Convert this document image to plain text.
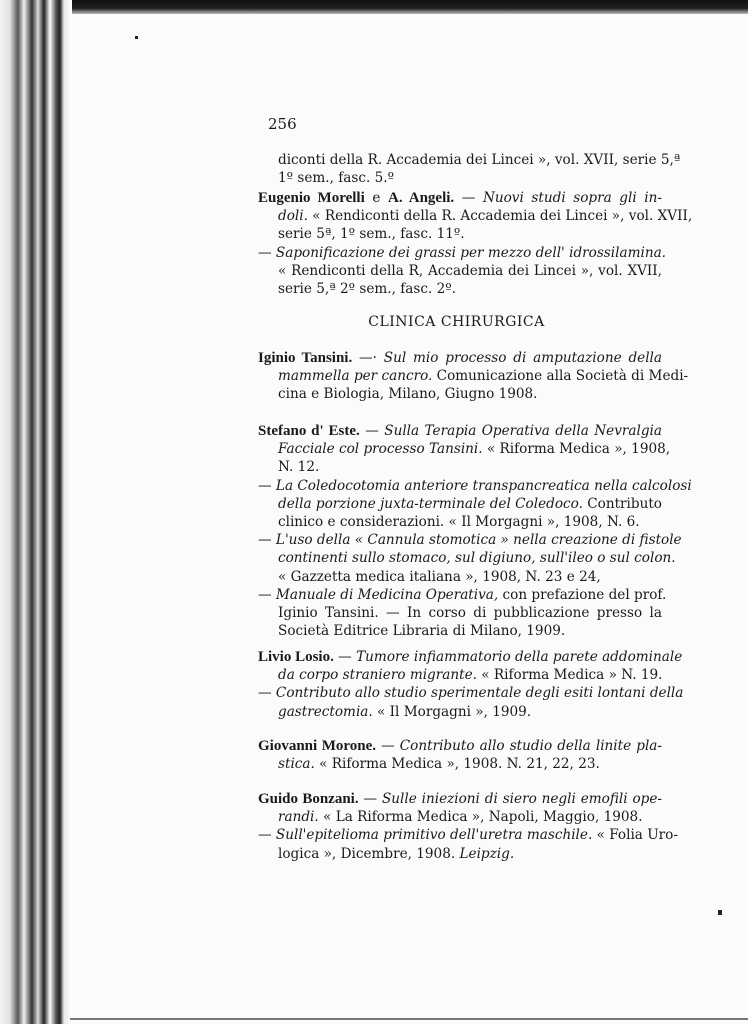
256
CLINICA CHIRURGICA
diconti della R. Accademia dei Lincei », vol. XVII, serie 5,ª
1º sem., fasc. 5.º
Eugenio Morelli e A. Angeli. — Nuovi studi sopra gli in-
doli. « Rendiconti della R. Accademia dei Lincei », vol. XVII,
serie 5ª, 1º sem., fasc. 11º.
— Saponificazione dei grassi per mezzo dell' idrossilamina.
« Rendiconti della R, Accademia dei Lincei », vol. XVII,
serie 5,ª 2º sem., fasc. 2º.
Iginio Tansini. —· Sul mio processo di amputazione della
mammella per cancro. Comunicazione alla Società di Medi-
cina e Biologia, Milano, Giugno 1908.
Stefano d' Este. — Sulla Terapia Operativa della Nevralgia
Facciale col processo Tansini. « Riforma Medica », 1908,
N. 12.
— La Coledocotomia anteriore transpancreatica nella calcolosi
della porzione juxta-terminale del Coledoco. Contributo
clinico e considerazioni. « Il Morgagni », 1908, N. 6.
— L'uso della « Cannula stomotica » nella creazione di fistole
continenti sullo stomaco, sul digiuno, sull'ileo o sul colon.
« Gazzetta medica italiana », 1908, N. 23 e 24,
— Manuale di Medicina Operativa, con prefazione del prof.
Iginio Tansini. — In corso di pubblicazione presso la
Società Editrice Libraria di Milano, 1909.
Livio Losio. — Tumore infiammatorio della parete addominale
da corpo straniero migrante. « Riforma Medica » N. 19.
— Contributo allo studio sperimentale degli esiti lontani della
gastrectomia. « Il Morgagni », 1909.
Giovanni Morone. — Contributo allo studio della linite pla-
stica. « Riforma Medica », 1908. N. 21, 22, 23.
Guido Bonzani. — Sulle iniezioni di siero negli emofili ope-
randi. « La Riforma Medica », Napoli, Maggio, 1908.
— Sull'epitelioma primitivo dell'uretra maschile. « Folia Uro-
logica », Dicembre, 1908. Leipzig.
